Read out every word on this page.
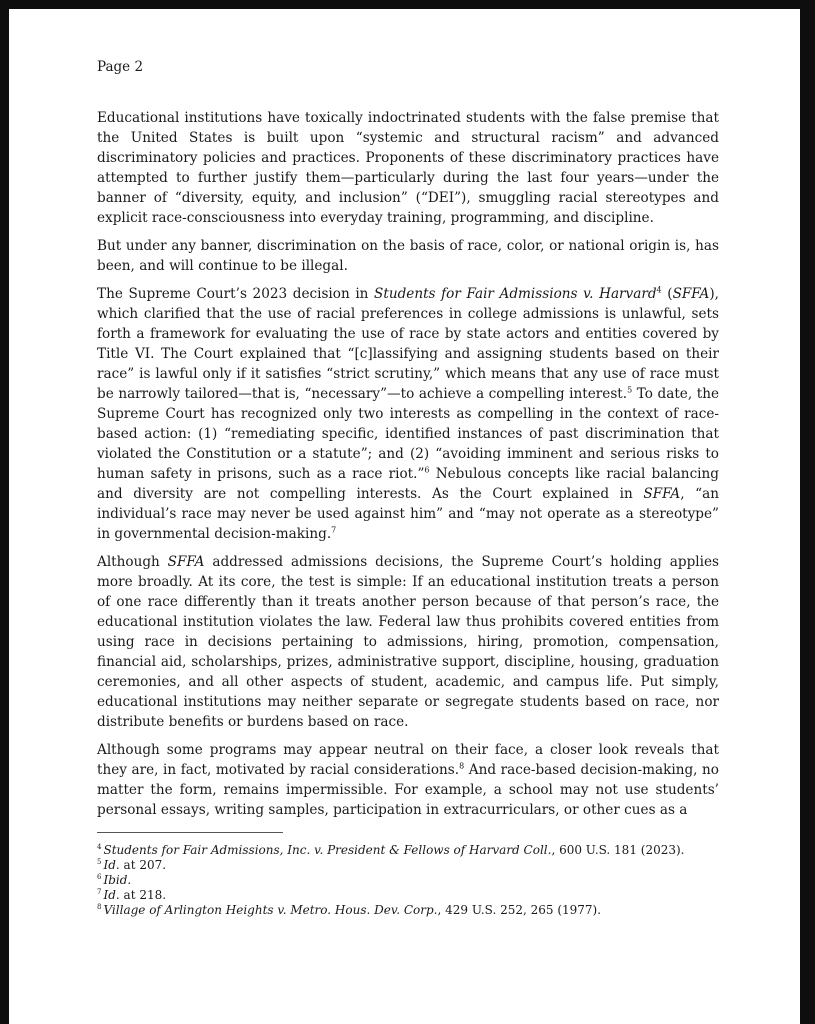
Page 2

Educational institutions have toxically indoctrinated students with the false premise that the United States is built upon “systemic and structural racism” and advanced discriminatory policies and practices. Proponents of these discriminatory practices have attempted to further justify them—particularly during the last four years—under the banner of “diversity, equity, and inclusion” (“DEI”), smuggling racial stereotypes and explicit race-consciousness into everyday training, programming, and discipline.

But under any banner, discrimination on the basis of race, color, or national origin is, has been, and will continue to be illegal.

The Supreme Court’s 2023 decision in Students for Fair Admissions v. Harvard$^4$ (SFFA), which clarified that the use of racial preferences in college admissions is unlawful, sets forth a framework for evaluating the use of race by state actors and entities covered by Title VI. The Court explained that “[c]lassifying and assigning students based on their race” is lawful only if it satisfies “strict scrutiny,” which means that any use of race must be narrowly tailored—that is, “necessary”—to achieve a compelling interest.$^5$ To date, the Supreme Court has recognized only two interests as compelling in the context of race-based action: (1) “remediating specific, identified instances of past discrimination that violated the Constitution or a statute”; and (2) “avoiding imminent and serious risks to human safety in prisons, such as a race riot.”$^6$ Nebulous concepts like racial balancing and diversity are not compelling interests. As the Court explained in SFFA, “an individual’s race may never be used against him” and “may not operate as a stereotype” in governmental decision-making.$^7$

Although SFFA addressed admissions decisions, the Supreme Court’s holding applies more broadly. At its core, the test is simple: If an educational institution treats a person of one race differently than it treats another person because of that person’s race, the educational institution violates the law. Federal law thus prohibits covered entities from using race in decisions pertaining to admissions, hiring, promotion, compensation, financial aid, scholarships, prizes, administrative support, discipline, housing, graduation ceremonies, and all other aspects of student, academic, and campus life. Put simply, educational institutions may neither separate or segregate students based on race, nor distribute benefits or burdens based on race.

Although some programs may appear neutral on their face, a closer look reveals that they are, in fact, motivated by racial considerations.$^8$ And race-based decision-making, no matter the form, remains impermissible. For example, a school may not use students’ personal essays, writing samples, participation in extracurriculars, or other cues as a

$^4$ Students for Fair Admissions, Inc. v. President & Fellows of Harvard Coll., 600 U.S. 181 (2023).
$^5$ Id. at 207.
$^6$ Ibid.
$^7$ Id. at 218.
$^8$ Village of Arlington Heights v. Metro. Hous. Dev. Corp., 429 U.S. 252, 265 (1977).
